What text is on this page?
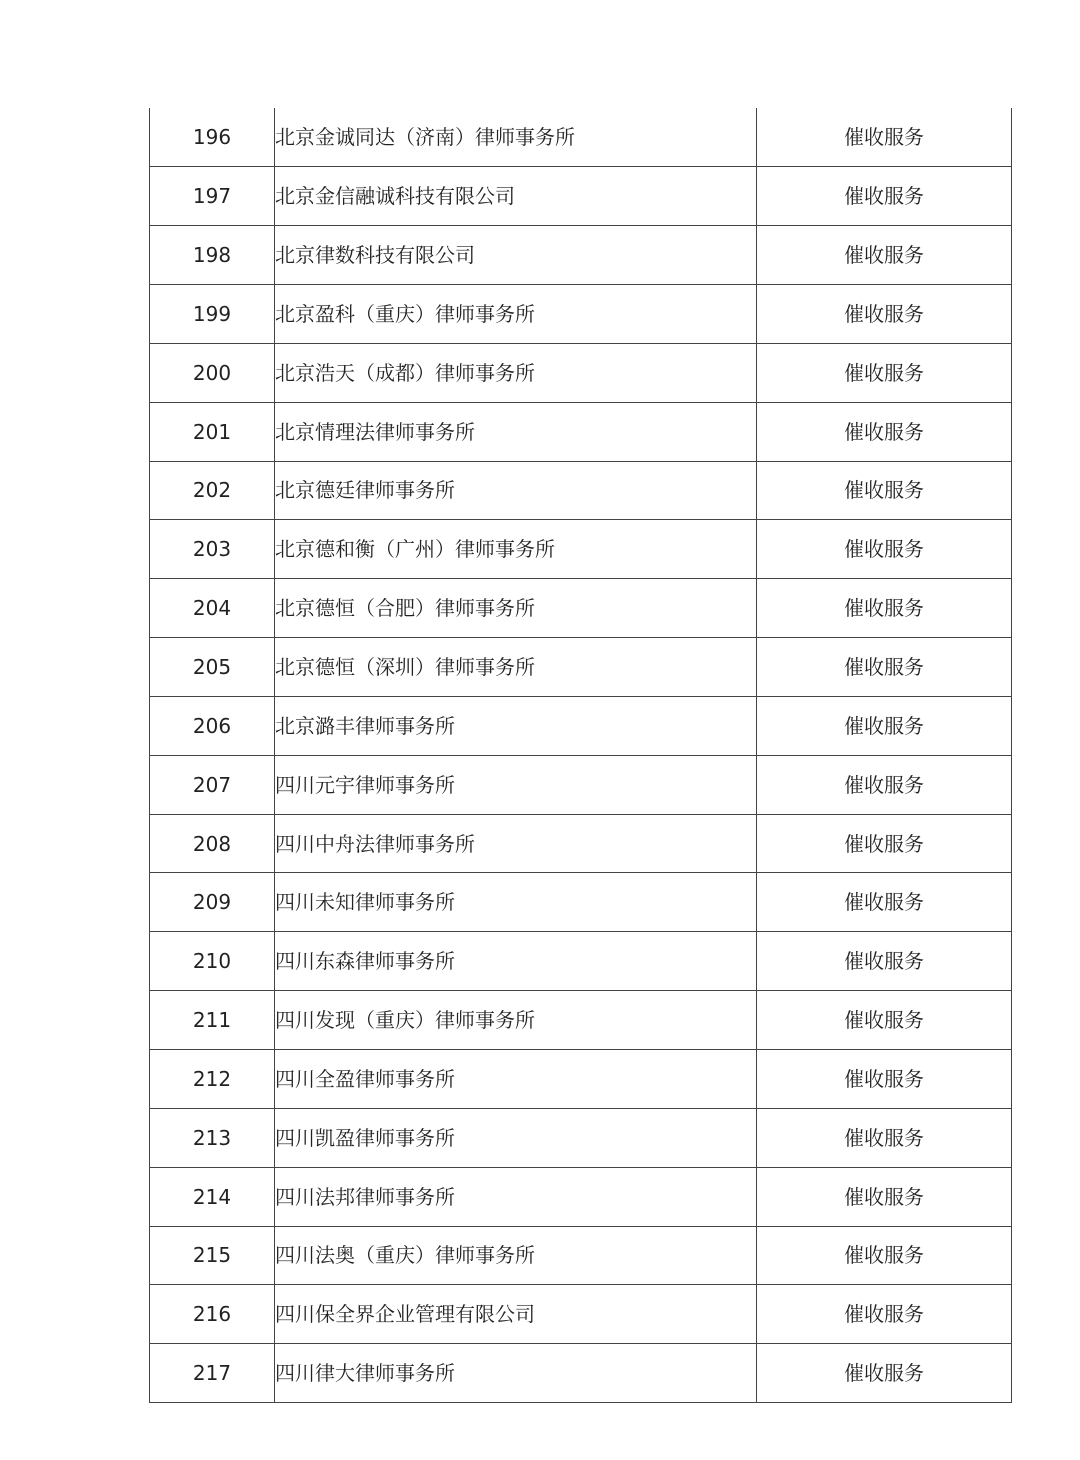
196	北京金诚同达（济南）律师事务所	催收服务
197	北京金信融诚科技有限公司	催收服务
198	北京律数科技有限公司	催收服务
199	北京盈科（重庆）律师事务所	催收服务
200	北京浩天（成都）律师事务所	催收服务
201	北京情理法律师事务所	催收服务
202	北京德廷律师事务所	催收服务
203	北京德和衡（广州）律师事务所	催收服务
204	北京德恒（合肥）律师事务所	催收服务
205	北京德恒（深圳）律师事务所	催收服务
206	北京潞丰律师事务所	催收服务
207	四川元宇律师事务所	催收服务
208	四川中舟法律师事务所	催收服务
209	四川未知律师事务所	催收服务
210	四川东森律师事务所	催收服务
211	四川发现（重庆）律师事务所	催收服务
212	四川全盈律师事务所	催收服务
213	四川凯盈律师事务所	催收服务
214	四川法邦律师事务所	催收服务
215	四川法奥（重庆）律师事务所	催收服务
216	四川保全界企业管理有限公司	催收服务
217	四川律大律师事务所	催收服务
